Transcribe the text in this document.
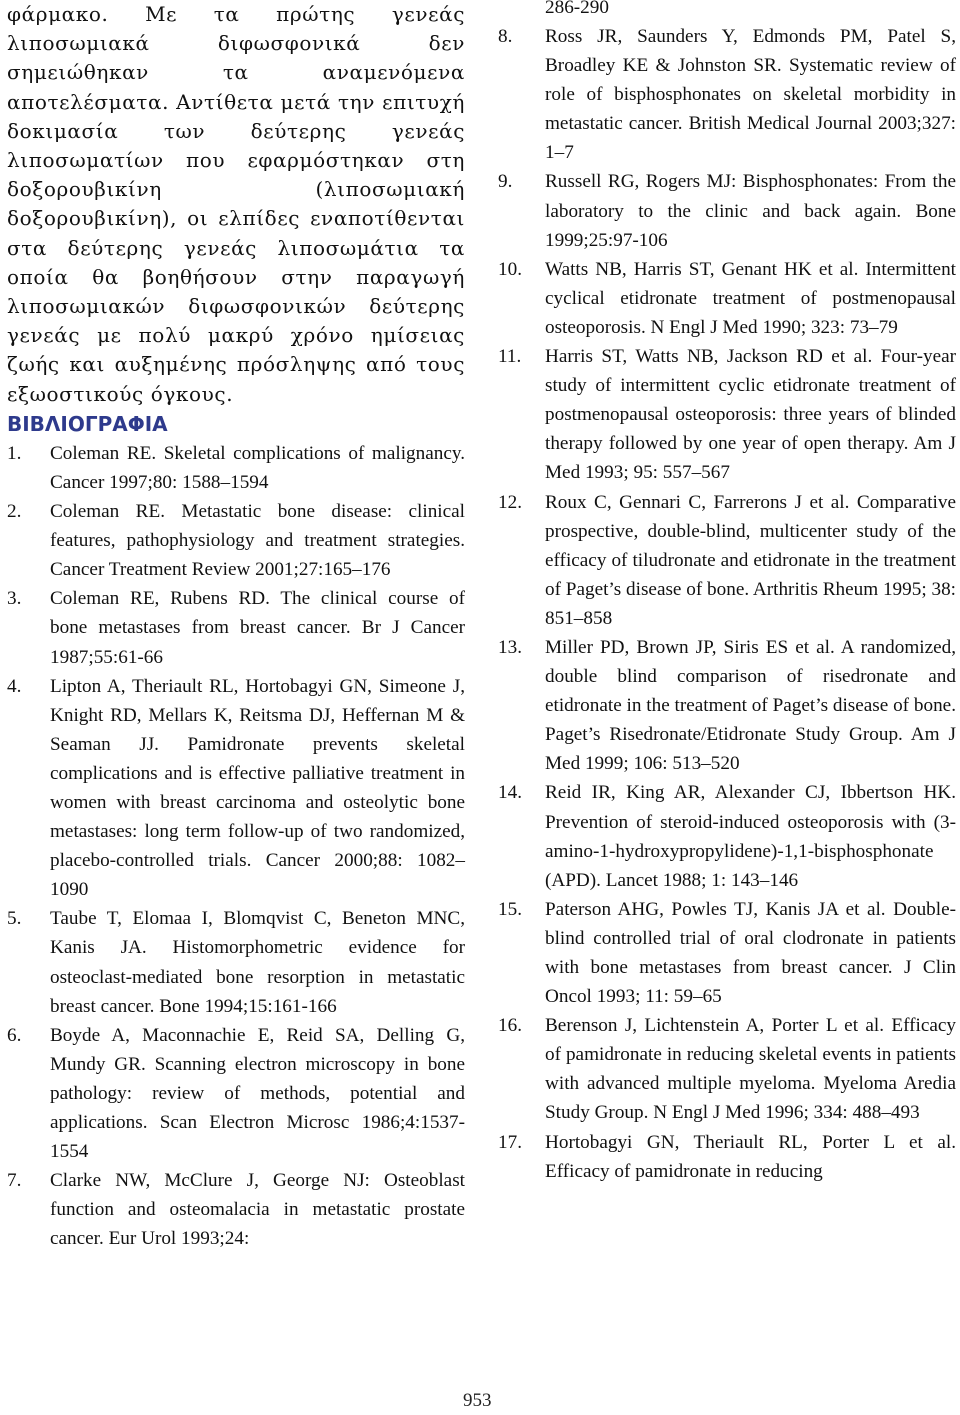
φάρμακο. Με τα πρώτης γενεάς λιποσωμιακά διφωσφονικά δεν σημειώθηκαν τα αναμενόμενα αποτελέσματα. Αντίθετα μετά την επιτυχή δοκιμασία των δεύτερης γενεάς λιποσωματίων που εφαρμόστηκαν στη δοξορουβικίνη (λιποσωμιακή δοξορουβικίνη), οι ελπίδες εναποτίθενται στα δεύτερης γενεάς λιποσωμάτια τα οποία θα βοηθήσουν στην παραγωγή λιποσωμιακών διφωσφονικών δεύτερης γενεάς με πολύ μακρύ χρόνο ημίσειας ζωής και αυξημένης πρόσληψης από τους εξωοστικούς όγκους.

ΒΙΒΛΙΟΓΡΑΦΙΑ
1. Coleman RE. Skeletal complications of malignancy. Cancer 1997;80: 1588–1594
2. Coleman RE. Metastatic bone disease: clinical features, pathophysiology and treatment strategies. Cancer Treatment Review 2001;27:165–176
3. Coleman RE, Rubens RD. The clinical course of bone metastases from breast cancer. Br J Cancer 1987;55:61-66
4. Lipton A, Theriault RL, Hortobagyi GN, Simeone J, Knight RD, Mellars K, Reitsma DJ, Heffernan M & Seaman JJ. Pamidronate prevents skeletal complications and is effective palliative treatment in women with breast carcinoma and osteolytic bone metastases: long term follow-up of two randomized, placebo-controlled trials. Cancer 2000;88: 1082–1090
5. Taube T, Elomaa I, Blomqvist C, Beneton MNC, Kanis JA. Histomorphometric evidence for osteoclast-mediated bone resorption in metastatic breast cancer. Bone 1994;15:161-166
6. Boyde A, Maconnachie E, Reid SA, Delling G, Mundy GR. Scanning electron microscopy in bone pathology: review of methods, potential and applications. Scan Electron Microsc 1986;4:1537-1554
7. Clarke NW, McClure J, George NJ: Osteoblast function and osteomalacia in metastatic prostate cancer. Eur Urol 1993;24:
286-290
8. Ross JR, Saunders Y, Edmonds PM, Patel S, Broadley KE & Johnston SR. Systematic review of role of bisphosphonates on skeletal morbidity in metastatic cancer. British Medical Journal 2003;327: 1–7
9. Russell RG, Rogers MJ: Bisphosphonates: From the laboratory to the clinic and back again. Bone 1999;25:97-106
10. Watts NB, Harris ST, Genant HK et al. Intermittent cyclical etidronate treatment of postmenopausal osteoporosis. N Engl J Med 1990; 323: 73–79
11. Harris ST, Watts NB, Jackson RD et al. Four-year study of intermittent cyclic etidronate treatment of postmenopausal osteoporosis: three years of blinded therapy followed by one year of open therapy. Am J Med 1993; 95: 557–567
12. Roux C, Gennari C, Farrerons J et al. Comparative prospective, double-blind, multicenter study of the efficacy of tiludronate and etidronate in the treatment of Paget’s disease of bone. Arthritis Rheum 1995; 38: 851–858
13. Miller PD, Brown JP, Siris ES et al. A randomized, double blind comparison of risedronate and etidronate in the treatment of Paget’s disease of bone. Paget’s Risedronate/Etidronate Study Group. Am J Med 1999; 106: 513–520
14. Reid IR, King AR, Alexander CJ, Ibbertson HK. Prevention of steroid-induced osteoporosis with (3-amino-1-hydroxypropylidene)-1,1-bisphosphonate (APD). Lancet 1988; 1: 143–146
15. Paterson AHG, Powles TJ, Kanis JA et al. Double-blind controlled trial of oral clodronate in patients with bone metastases from breast cancer. J Clin Oncol 1993; 11: 59–65
16. Berenson J, Lichtenstein A, Porter L et al. Efficacy of pamidronate in reducing skeletal events in patients with advanced multiple myeloma. Myeloma Aredia Study Group. N Engl J Med 1996; 334: 488–493
17. Hortobagyi GN, Theriault RL, Porter L et al. Efficacy of pamidronate in reducing
953
